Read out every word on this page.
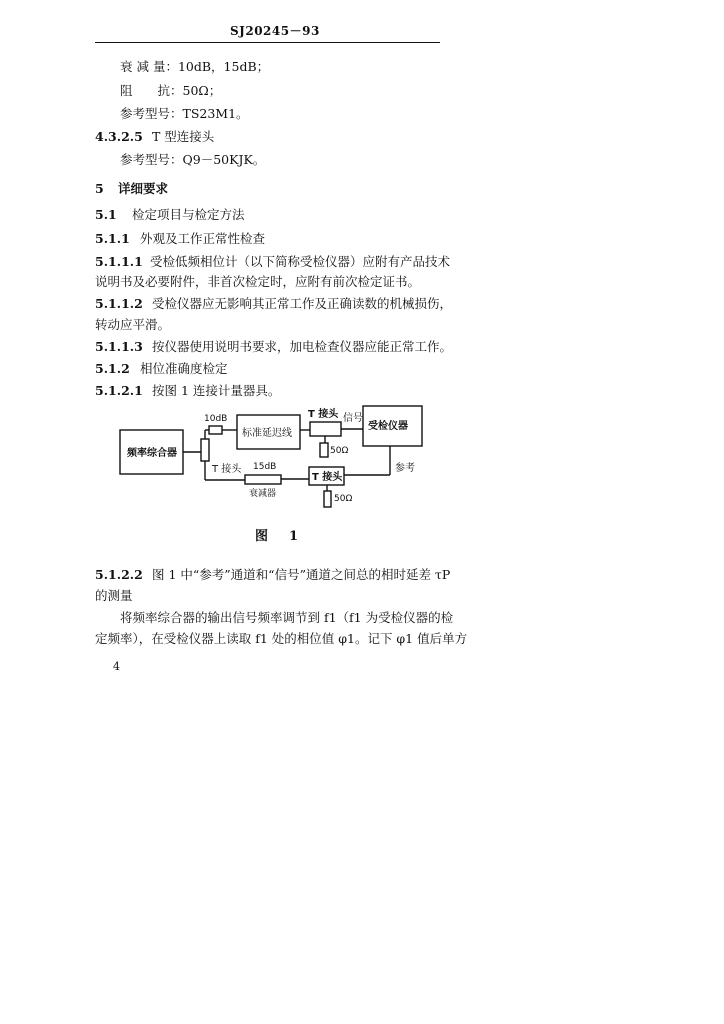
SJ20245－93
衰 减 量：10dB，15dB；
阻　　抗：50Ω；
参考型号：TS23M1。
4.3.2.5 T 型连接头
参考型号：Q9－50KJK。
5 详细要求
5.1 检定项目与检定方法
5.1.1 外观及工作正常性检查
5.1.1.1 受检低频相位计（以下简称受检仪器）应附有产品技术
说明书及必要附件，非首次检定时，应附有前次检定证书。
5.1.1.2 受检仪器应无影响其正常工作及正确读数的机械损伤，
转动应平滑。
5.1.1.3 按仪器使用说明书要求，加电检查仪器应能正常工作。
5.1.2 相位准确度检定
5.1.2.1 按图 1 连接计量器具。
频率综合器
10dB
标准延迟线
T 接头 信号
受检仪器
50Ω
T 接头 15dB
衰减器
T 接头
参考
50Ω
图　1
5.1.2.2 图 1 中“参考”通道和“信号”通道之间总的相时延差 τP
的测量
将频率综合器的输出信号频率调节到 f1（f1 为受检仪器的检
定频率），在受检仪器上读取 f1 处的相位值 φ1。记下 φ1 值后单方
4
